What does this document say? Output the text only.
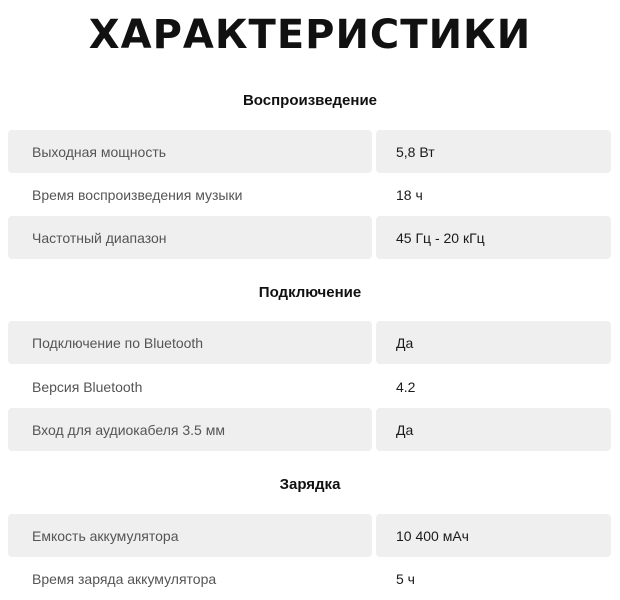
ХАРАКТЕРИСТИКИ
Воспроизведение
Выходная мощность	5,8 Вт
Время воспроизведения музыки	18 ч
Частотный диапазон	45 Гц - 20 кГц
Подключение
Подключение по Bluetooth	Да
Версия Bluetooth	4.2
Вход для аудиокабеля 3.5 мм	Да
Зарядка
Емкость аккумулятора	10 400 мАч
Время заряда аккумулятора	5 ч
